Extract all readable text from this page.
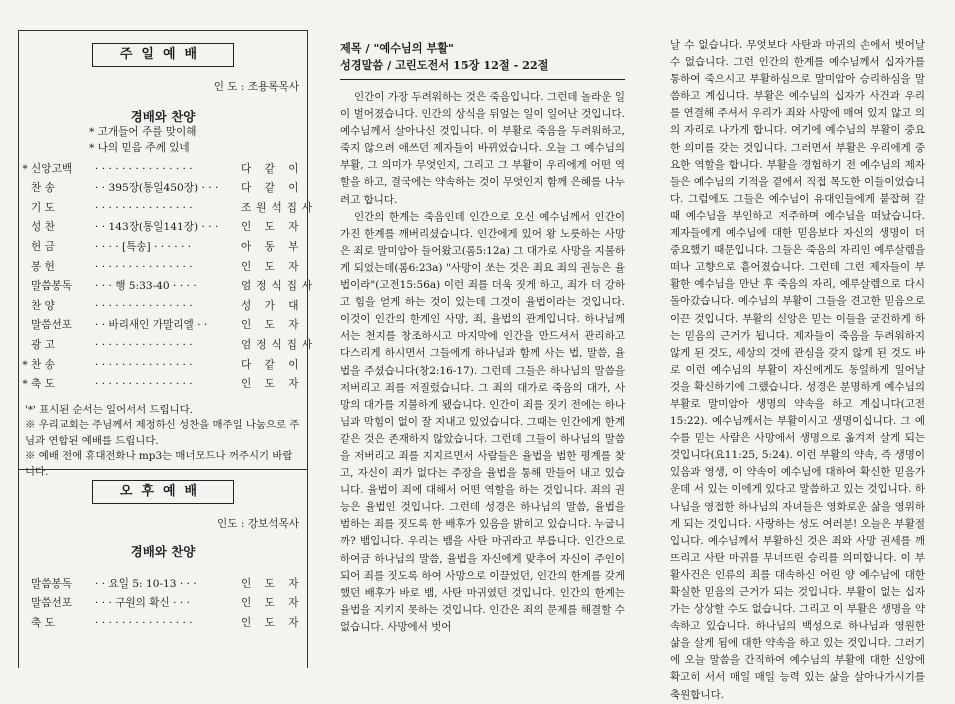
주일예배
인 도 : 조용록목사
경배와 찬양
* 고개들어 주를 맞이해
* 나의 믿음 주께 있네
* 신앙고백	· · · · · · · · · · · · · · ·	다 같 이
찬 송	· · 395장(통일450장) · · ·	다 같 이
기 도	· · · · · · · · · · · · · · ·	조원석집사
성 찬	· · 143장(통일141장) · · ·	인 도 자
헌 금	· · · · [특송] · · · · · ·	아 동 부
봉 헌	· · · · · · · · · · · · · · ·	인 도 자
말씀봉독	· · · 행 5:33-40 · · · ·	엄정식집사
찬 양	· · · · · · · · · · · · · · ·	성 가 대
말씀선포	· · 바리새인 가말리엘 · ·	인 도 자
광 고	· · · · · · · · · · · · · · ·	엄정식집사
* 찬 송	· · · · · · · · · · · · · · ·	다 같 이
* 축 도	· · · · · · · · · · · · · · ·	인 도 자
'*' 표시된 순서는 일어서서 드립니다.
※ 우리교회는 주님께서 제정하신 성찬을 매주일 나눔으로 주님과 연합된 예배를 드립니다.
※ 예배 전에 휴대전화나 mp3는 매너모드나 꺼주시기 바랍니다.
오후예배
인도 : 강보석목사
경배와 찬양
말씀봉독	· · 요일 5: 10-13 · · ·	인 도 자
말씀선포	· · · 구원의 확신 · · ·	인 도 자
축 도	· · · · · · · · · · · · · · ·	인 도 자
제목 / "예수님의 부활"
성경말씀 / 고린도전서 15장 12절 - 22절

인간이 가장 두려워하는 것은 죽음입니다. 그런데 놀라운 일이 벌어졌습니다. 인간의 상식을 뒤엎는 일이 일어난 것입니다. 예수님께서 살아나신 것입니다. 이 부활로 죽음을 두려워하고, 죽지 않으려 애쓰던 제자들이 바뀌었습니다. 오늘 그 예수님의 부활, 그 의미가 무엇인지, 그리고 그 부활이 우리에게 어떤 역할을 하고, 결국에는 약속하는 것이 무엇인지 함께 은혜를 나누려고 합니다.

인간의 한계는 죽음인데 인간으로 오신 예수님께서 인간이 가진 한계를 깨버리셨습니다. 인간에게 있어 왕 노릇하는 사망은 죄로 말미암아 들어왔고(롬5:12a) 그 대가로 사망을 지불하게 되었는데(롬6:23a) "사망이 쏘는 것은 죄요 죄의 권능은 율법이라"(고전15:56a) 이런 죄를 더욱 짓게 하고, 죄가 더 강하고 힘을 얻게 하는 것이 있는데 그것이 율법이라는 것입니다. 이것이 인간의 한계인 사망, 죄, 율법의 관계입니다. 하나님께서는 천지를 창조하시고 마지막에 인간을 만드셔서 관리하고 다스리게 하시면서 그들에게 하나님과 함께 사는 법, 말씀, 율법을 주셨습니다(창2:16-17). 그런데 그들은 하나님의 말씀을 저버리고 죄를 저질렀습니다. 그 죄의 대가로 죽음의 대가, 사망의 대가를 지불하게 됐습니다. 인간이 죄를 짓기 전에는 하나님과 막힘이 없이 잘 지내고 있었습니다. 그때는 인간에게 한계 같은 것은 존재하지 않았습니다. 그런데 그들이 하나님의 말씀을 저버리고 죄를 지지르면서 사람들은 율법을 범한 평계를 찾고, 자신이 죄가 없다는 주장을 율법을 통해 만들어 내고 있습니다. 율법이 죄에 대해서 어떤 역할을 하는 것입니다. 죄의 권능은 율법인 것입니다. 그런데 성경은 하나님의 말씀, 율법을 범하는 죄를 짓도록 한 배후가 있음을 밝히고 있습니다. 누굽니까? 뱀입니다. 우리는 뱀을 사탄 마귀라고 부릅니다. 인간으로 하여금 하나님의 말씀, 율법을 자신에게 맞추어 자신이 주인이 되어 죄를 짓도록 하여 사망으로 이끌었던, 인간의 한계를 갖게 했던 배후가 바로 뱀, 사탄 마귀였던 것입니다. 인간의 한계는 율법을 지키지 못하는 것입니다. 인간은 죄의 문제를 해결할 수 없습니다. 사망에서 벗어

날 수 없습니다. 무엇보다 사탄과 마귀의 손에서 벗어날 수 없습니다. 그런 인간의 한계를 예수님께서 십자가를 통하여 죽으시고 부활하심으로 말미암아 승리하심을 말씀하고 계십니다. 부활은 예수님의 십자가 사건과 우리를 연결해 주셔서 우리가 죄와 사망에 매여 있지 않고 의의 자리로 나가게 합니다. 여기에 예수님의 부활이 중요한 의미를 갖는 것입니다. 그러면서 부활은 우리에게 중요한 역할을 합니다. 부활을 경험하기 전 예수님의 제자들은 예수님의 기적을 곁에서 직접 목도한 이들이었습니다. 그럼에도 그들은 예수님이 유대인들에게 붙잡혀 갈 때 예수님을 부인하고 저주하며 예수님을 떠났습니다. 제자들에게 예수님에 대한 믿음보다 자신의 생명이 더 중요했기 때문입니다. 그들은 죽음의 자리인 예루살렘을 떠나 고향으로 흩어졌습니다. 그런데 그런 제자들이 부활한 예수님을 만난 후 죽음의 자리, 예루살렘으로 다시 돌아갔습니다. 예수님의 부활이 그들을 견고한 믿음으로 이끈 것입니다. 부활의 신앙은 믿는 이들을 굳건하게 하는 믿음의 근거가 됩니다. 제자들이 죽음을 두려워하지 않게 된 것도, 세상의 것에 관심을 갖지 않게 된 것도 바로 이런 예수님의 부활이 자신에게도 동일하게 일어날 것을 확신하기에 그랬습니다. 성경은 분명하게 예수님의 부활로 말미암아 생명의 약속을 하고 계십니다(고전15:22). 예수님께서는 부활이시고 생명이십니다. 그 예수를 믿는 사람은 사망에서 생명으로 옮겨져 살게 되는 것입니다(요11:25, 5:24). 이런 부활의 약속, 즉 생명이 있음과 영생, 이 약속이 예수님에 대하여 확신한 믿음가운데 서 있는 이에게 있다고 말씀하고 있는 것입니다. 하나님을 영접한 하나님의 자녀들은 영화로운 삶을 영위하게 되는 것입니다. 사랑하는 성도 여러분! 오늘은 부활절입니다. 예수님께서 부활하신 것은 죄와 사망 권세를 깨뜨리고 사탄 마귀를 무너뜨린 승리를 의미합니다. 이 부활사건은 인류의 죄를 대속하신 어린 양 예수님에 대한 확실한 믿음의 근거가 되는 것입니다. 부활이 없는 십자가는 상상할 수도 없습니다. 그리고 이 부활은 생명을 약속하고 있습니다. 하나님의 백성으로 하나님과 영원한 삶을 살게 됨에 대한 약속을 하고 있는 것입니다. 그러기에 오늘 말씀을 간직하여 예수님의 부활에 대한 신앙에 확고히 서서 매일 매일 능력 있는 삶을 살아나가시기를 축원합니다.
